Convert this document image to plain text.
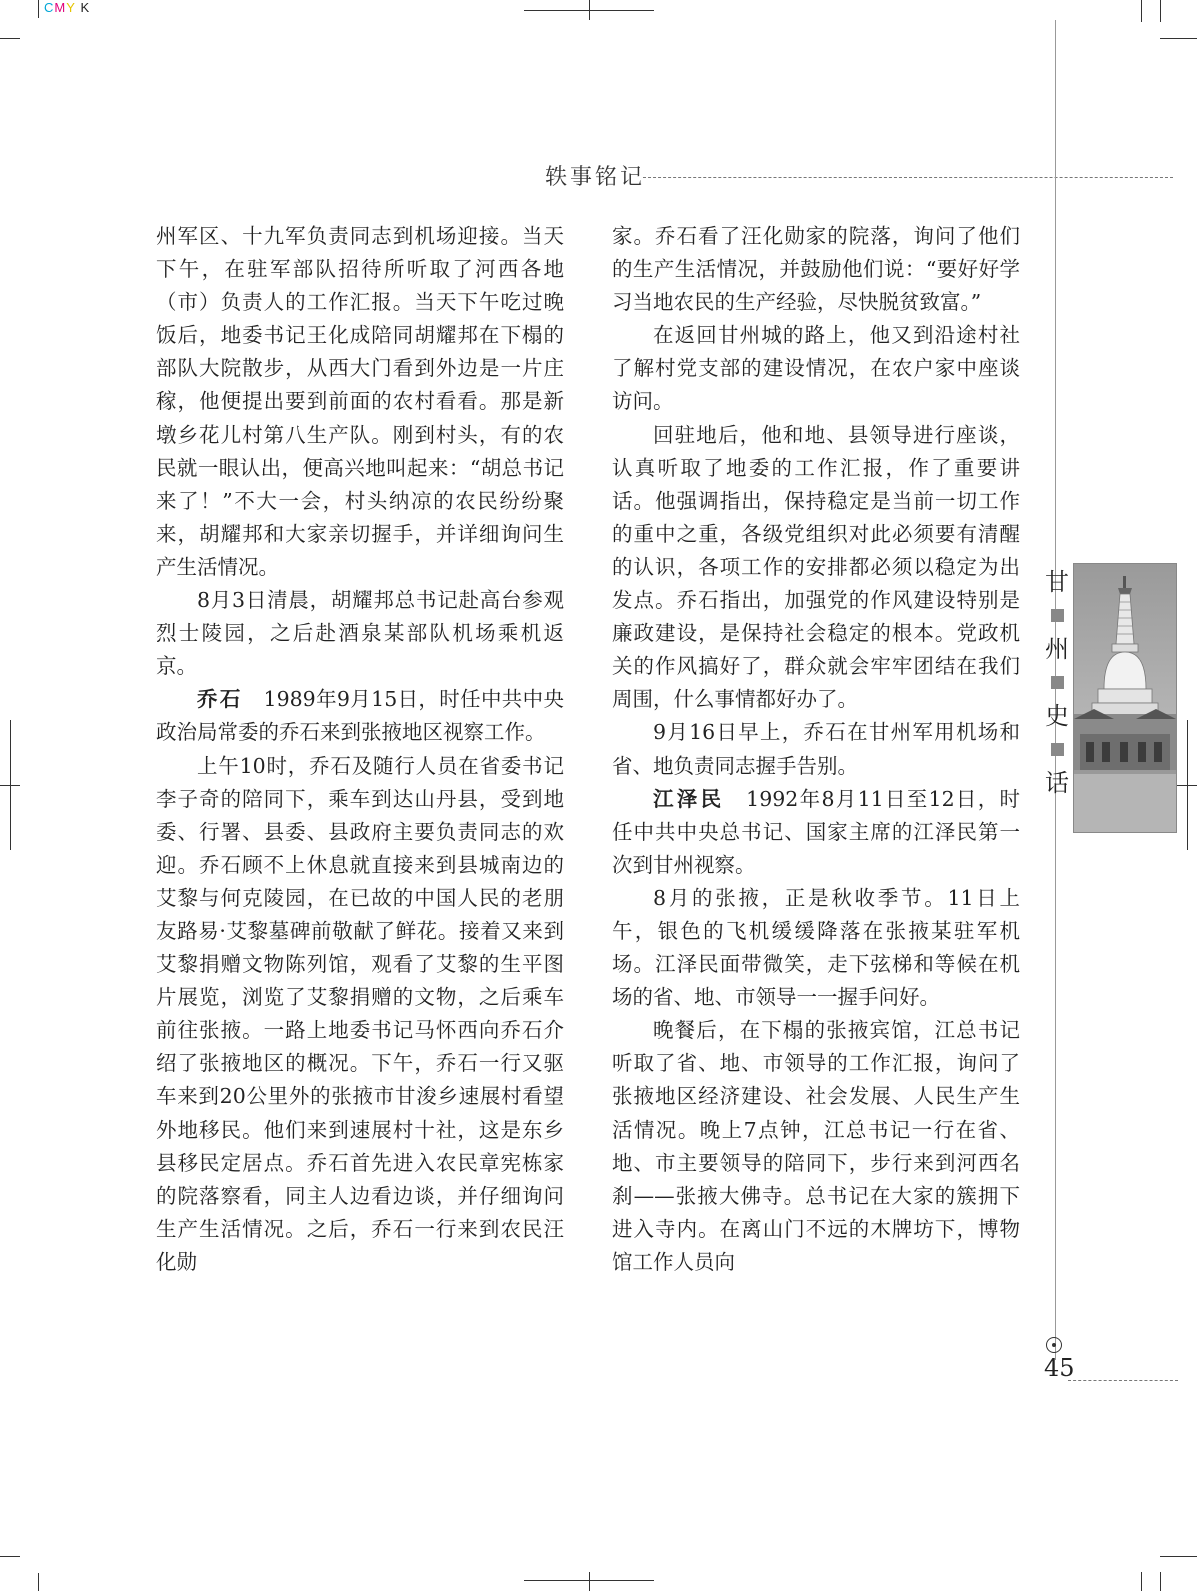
CMY K
轶事铭记

州军区、十九军负责同志到机场迎接。当天下午，在驻军部队招待所听取了河西各地（市）负责人的工作汇报。当天下午吃过晚饭后，地委书记王化成陪同胡耀邦在下榻的部队大院散步，从西大门看到外边是一片庄稼，他便提出要到前面的农村看看。那是新墩乡花儿村第八生产队。刚到村头，有的农民就一眼认出，便高兴地叫起来：“胡总书记来了！”不大一会，村头纳凉的农民纷纷聚来，胡耀邦和大家亲切握手，并详细询问生产生活情况。

8月3日清晨，胡耀邦总书记赴高台参观烈士陵园，之后赴酒泉某部队机场乘机返京。

乔石　1989年9月15日，时任中共中央政治局常委的乔石来到张掖地区视察工作。

上午10时，乔石及随行人员在省委书记李子奇的陪同下，乘车到达山丹县，受到地委、行署、县委、县政府主要负责同志的欢迎。乔石顾不上休息就直接来到县城南边的艾黎与何克陵园，在已故的中国人民的老朋友路易·艾黎墓碑前敬献了鲜花。接着又来到艾黎捐赠文物陈列馆，观看了艾黎的生平图片展览，浏览了艾黎捐赠的文物，之后乘车前往张掖。一路上地委书记马怀西向乔石介绍了张掖地区的概况。下午，乔石一行又驱车来到20公里外的张掖市甘浚乡速展村看望外地移民。他们来到速展村十社，这是东乡县移民定居点。乔石首先进入农民章宪栋家的院落察看，同主人边看边谈，并仔细询问生产生活情况。之后，乔石一行来到农民汪化勋

家。乔石看了汪化勋家的院落，询问了他们的生产生活情况，并鼓励他们说：“要好好学习当地农民的生产经验，尽快脱贫致富。”

在返回甘州城的路上，他又到沿途村社了解村党支部的建设情况，在农户家中座谈访问。

回驻地后，他和地、县领导进行座谈，认真听取了地委的工作汇报，作了重要讲话。他强调指出，保持稳定是当前一切工作的重中之重，各级党组织对此必须要有清醒的认识，各项工作的安排都必须以稳定为出发点。乔石指出，加强党的作风建设特别是廉政建设，是保持社会稳定的根本。党政机关的作风搞好了，群众就会牢牢团结在我们周围，什么事情都好办了。

9月16日早上，乔石在甘州军用机场和省、地负责同志握手告别。

江泽民　1992年8月11日至12日，时任中共中央总书记、国家主席的江泽民第一次到甘州视察。

8月的张掖，正是秋收季节。11日上午，银色的飞机缓缓降落在张掖某驻军机场。江泽民面带微笑，走下弦梯和等候在机场的省、地、市领导一一握手问好。

晚餐后，在下榻的张掖宾馆，江总书记听取了省、地、市领导的工作汇报，询问了张掖地区经济建设、社会发展、人民生产生活情况。晚上7点钟，江总书记一行在省、地、市主要领导的陪同下，步行来到河西名刹——张掖大佛寺。总书记在大家的簇拥下进入寺内。在离山门不远的木牌坊下，博物馆工作人员向

甘
州
史
话
45
